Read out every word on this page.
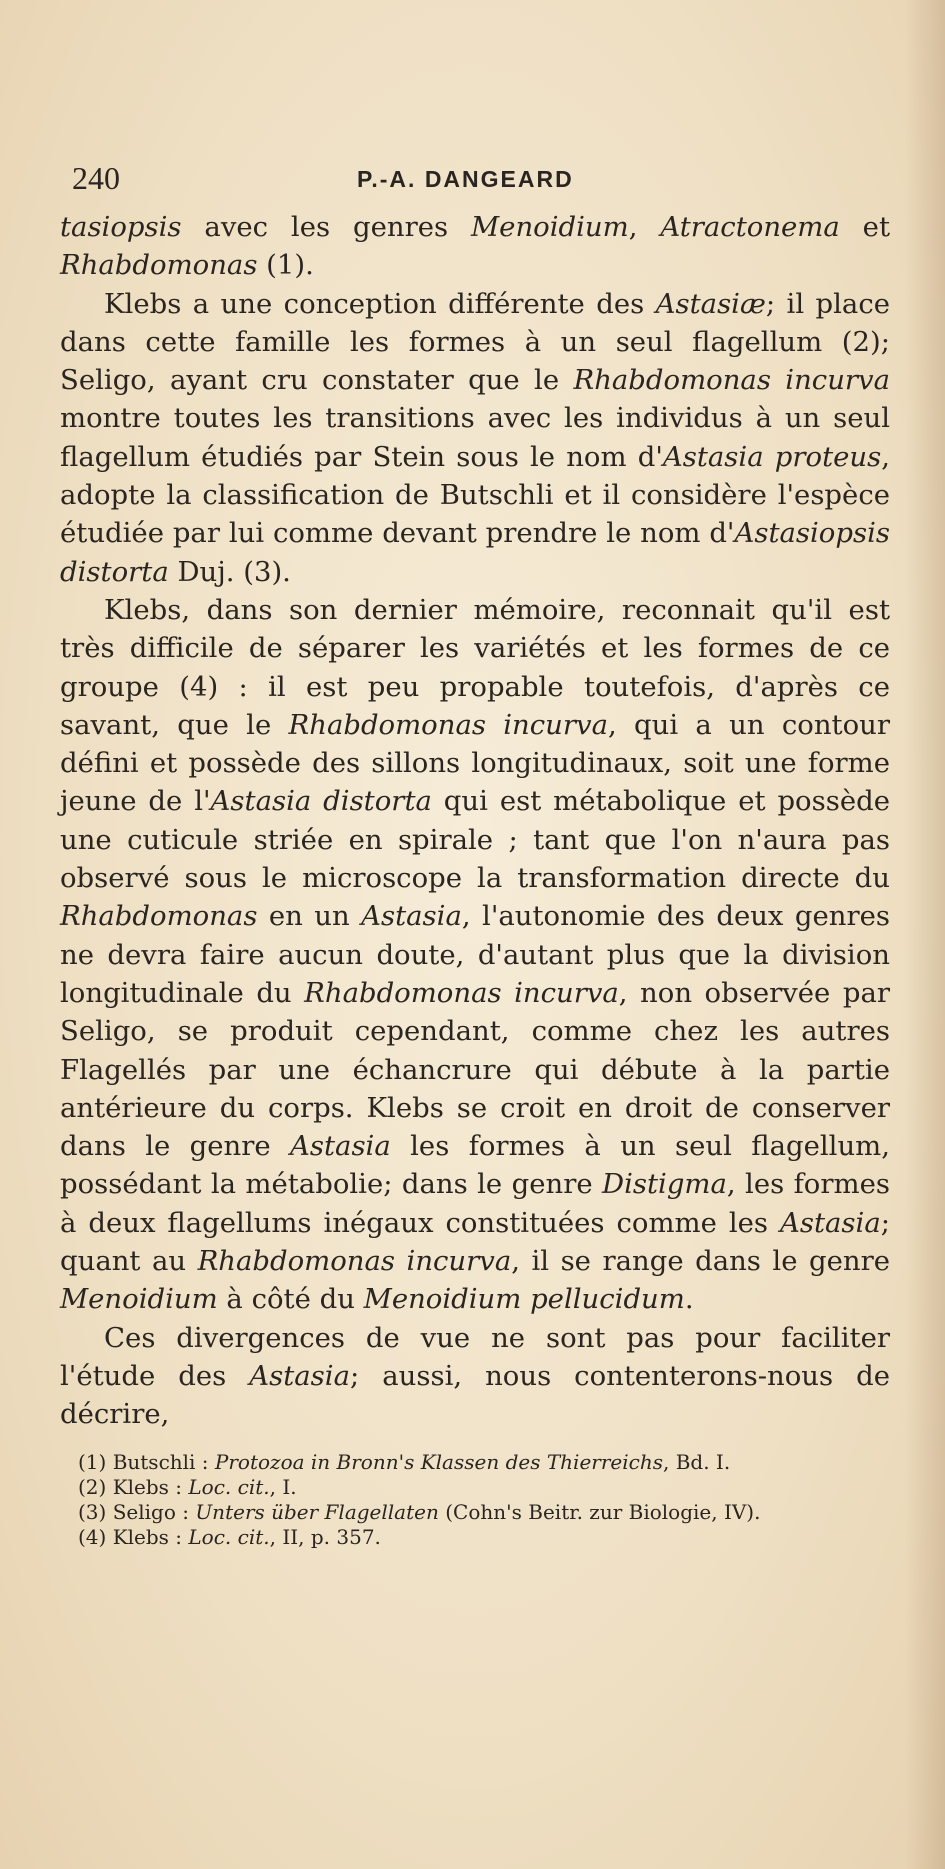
240	P.-A. DANGEARD

tasiopsis avec les genres Menoidium, Atractonema et Rhabdomonas (1).

Klebs a une conception différente des Astasiæ; il place dans cette famille les formes à un seul flagellum (2); Seligo, ayant cru constater que le Rhabdomonas incurva montre toutes les transitions avec les individus à un seul flagellum étudiés par Stein sous le nom d'Astasia proteus, adopte la classification de Butschli et il considère l'espèce étudiée par lui comme devant prendre le nom d'Astasiopsis distorta Duj. (3).

Klebs, dans son dernier mémoire, reconnait qu'il est très difficile de séparer les variétés et les formes de ce groupe (4) : il est peu propable toutefois, d'après ce savant, que le Rhabdomonas incurva, qui a un contour défini et possède des sillons longitudinaux, soit une forme jeune de l'Astasia distorta qui est métabolique et possède une cuticule striée en spirale ; tant que l'on n'aura pas observé sous le microscope la transformation directe du Rhabdomonas en un Astasia, l'autonomie des deux genres ne devra faire aucun doute, d'autant plus que la division longitudinale du Rhabdomonas incurva, non observée par Seligo, se produit cependant, comme chez les autres Flagellés par une échancrure qui débute à la partie antérieure du corps. Klebs se croit en droit de conserver dans le genre Astasia les formes à un seul flagellum, possédant la métabolie; dans le genre Distigma, les formes à deux flagellums inégaux constituées comme les Astasia; quant au Rhabdomonas incurva, il se range dans le genre Menoidium à côté du Menoidium pellucidum.

Ces divergences de vue ne sont pas pour faciliter l'étude des Astasia; aussi, nous contenterons-nous de décrire,

(1) Butschli : Protozoa in Bronn's Klassen des Thierreichs, Bd. I.

(2) Klebs : Loc. cit., I.

(3) Seligo : Unters über Flagellaten (Cohn's Beitr. zur Biologie, IV).

(4) Klebs : Loc. cit., II, p. 357.
